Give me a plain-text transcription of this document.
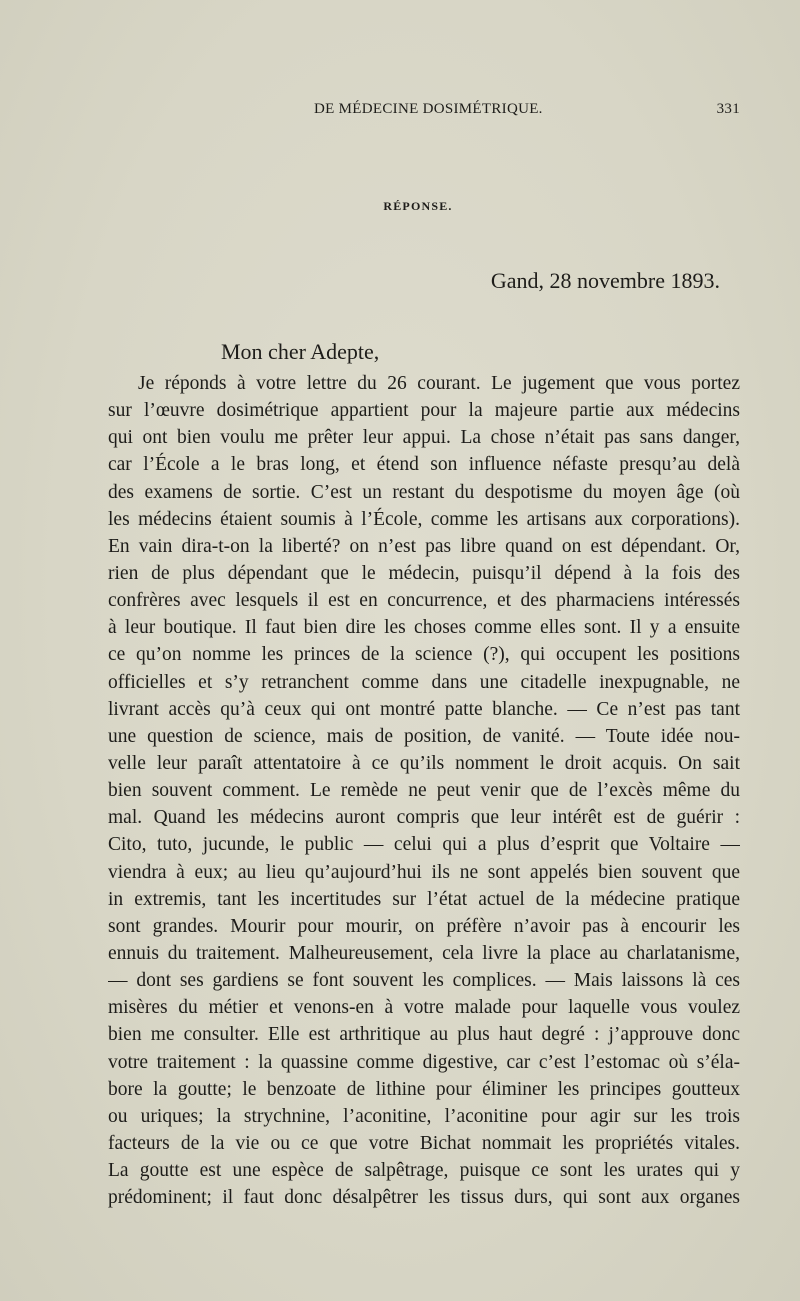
DE MÉDECINE DOSIMÉTRIQUE.	331
RÉPONSE.
Gand, 28 novembre 1893.
Mon cher Adepte,
Je réponds à votre lettre du 26 courant. Le jugement que vous portez
sur l’œuvre dosimétrique appartient pour la majeure partie aux médecins
qui ont bien voulu me prêter leur appui. La chose n’était pas sans danger,
car l’École a le bras long, et étend son influence néfaste presqu’au delà
des examens de sortie. C’est un restant du despotisme du moyen âge (où
les médecins étaient soumis à l’École, comme les artisans aux corporations).
En vain dira-t-on la liberté? on n’est pas libre quand on est dépendant. Or,
rien de plus dépendant que le médecin, puisqu’il dépend à la fois des
confrères avec lesquels il est en concurrence, et des pharmaciens intéressés
à leur boutique. Il faut bien dire les choses comme elles sont. Il y a ensuite
ce qu’on nomme les princes de la science (?), qui occupent les positions
officielles et s’y retranchent comme dans une citadelle inexpugnable, ne
livrant accès qu’à ceux qui ont montré patte blanche. — Ce n’est pas tant
une question de science, mais de position, de vanité. — Toute idée nou-
velle leur paraît attentatoire à ce qu’ils nomment le droit acquis. On sait
bien souvent comment. Le remède ne peut venir que de l’excès même du
mal. Quand les médecins auront compris que leur intérêt est de guérir :
Cito, tuto, jucunde, le public — celui qui a plus d’esprit que Voltaire —
viendra à eux; au lieu qu’aujourd’hui ils ne sont appelés bien souvent que
in extremis, tant les incertitudes sur l’état actuel de la médecine pratique
sont grandes. Mourir pour mourir, on préfère n’avoir pas à encourir les
ennuis du traitement. Malheureusement, cela livre la place au charlatanisme,
— dont ses gardiens se font souvent les complices. — Mais laissons là ces
misères du métier et venons-en à votre malade pour laquelle vous voulez
bien me consulter. Elle est arthritique au plus haut degré : j’approuve donc
votre traitement : la quassine comme digestive, car c’est l’estomac où s’éla-
bore la goutte; le benzoate de lithine pour éliminer les principes goutteux
ou uriques; la strychnine, l’aconitine, l’aconitine pour agir sur les trois
facteurs de la vie ou ce que votre Bichat nommait les propriétés vitales.
La goutte est une espèce de salpêtrage, puisque ce sont les urates qui y
prédominent; il faut donc désalpêtrer les tissus durs, qui sont aux organes
